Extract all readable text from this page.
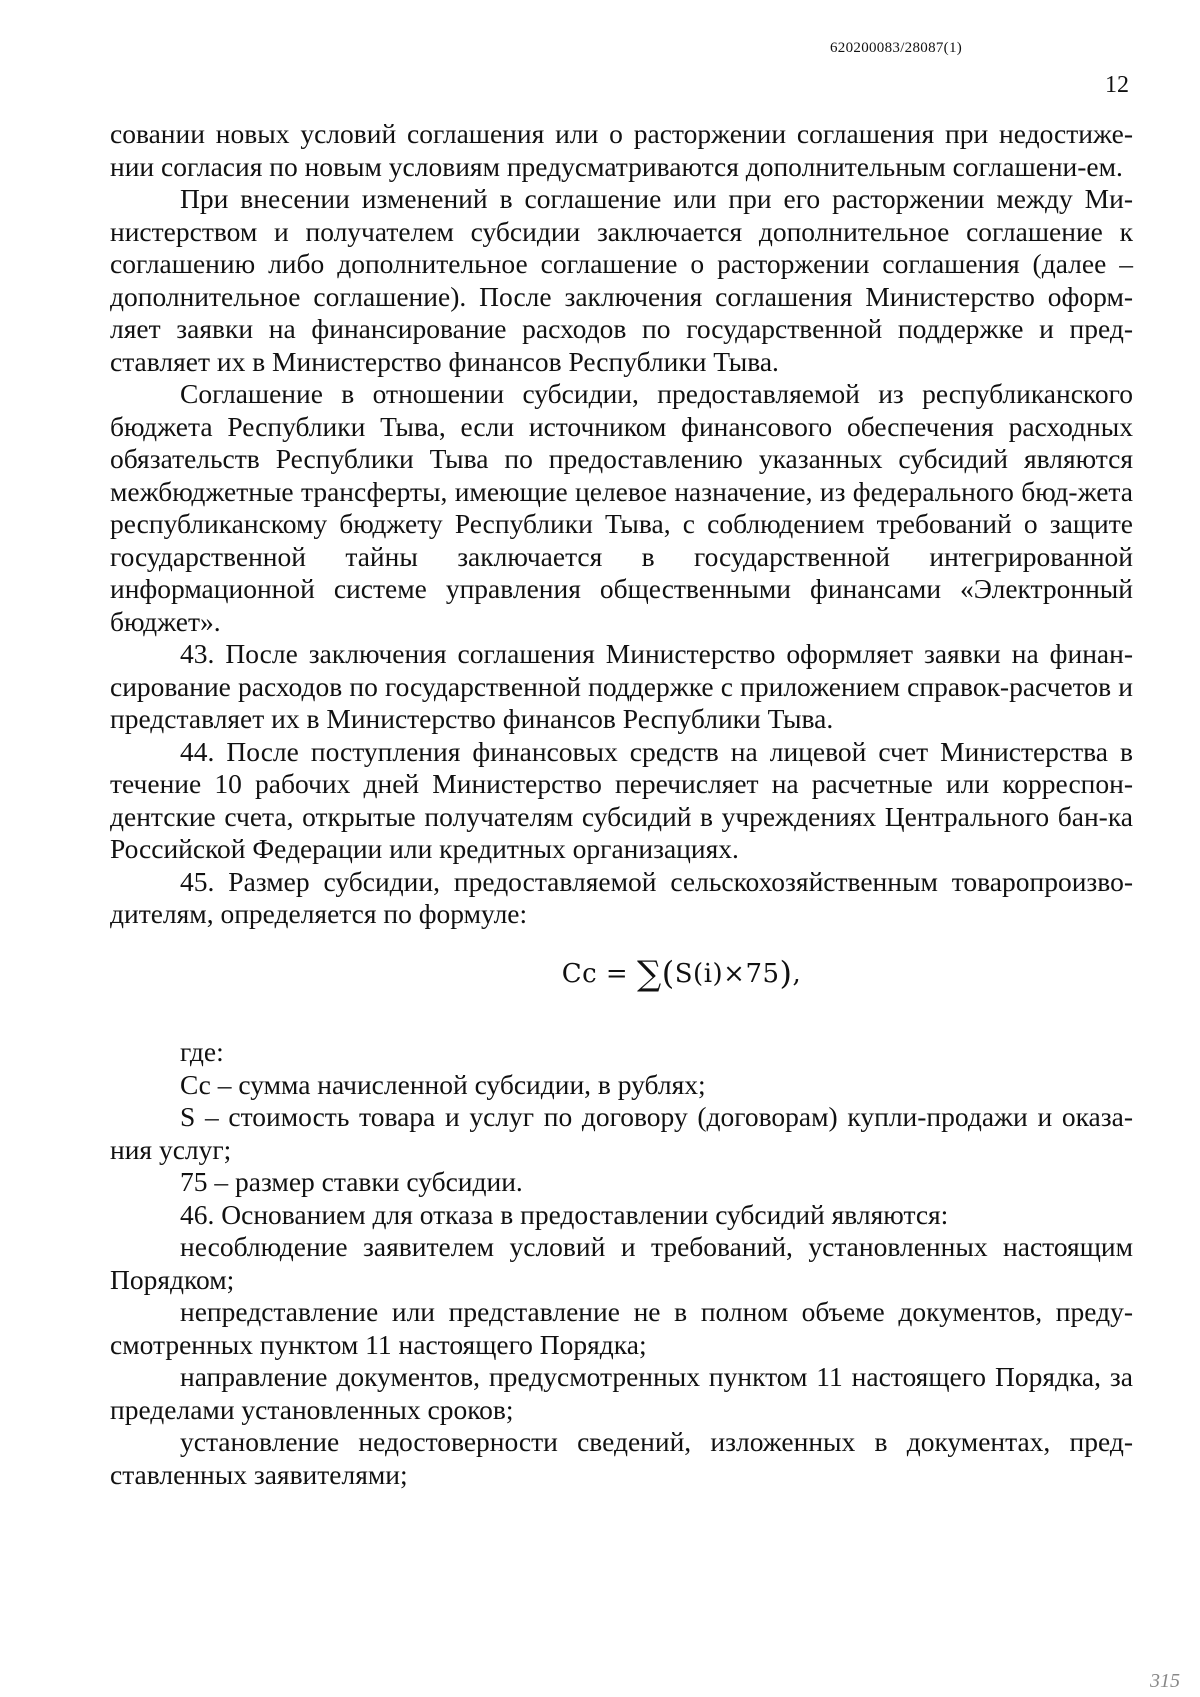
620200083/28087(1)
12

сoвании новых условий соглашения или о расторжении соглашения при недостиже-нии согласия по новым условиям предусматриваются дополнительным соглашени-ем.

При внесении изменений в соглашение или при его расторжении между Ми-нистерством и получателем субсидии заключается дополнительное соглашение к соглашению либо дополнительное соглашение о расторжении соглашения (далее – дополнительное соглашение). После заключения соглашения Министерство оформ-ляет заявки на финансирование расходов по государственной поддержке и пред-ставляет их в Министерство финансов Республики Тыва.

Соглашение в отношении субсидии, предоставляемой из республиканского бюджета Республики Тыва, если источником финансового обеспечения расходных обязательств Республики Тыва по предоставлению указанных субсидий являются межбюджетные трансферты, имеющие целевое назначение, из федерального бюд-жета республиканскому бюджету Республики Тыва, с соблюдением требований о защите государственной тайны заключается в государственной интегрированной информационной системе управления общественными финансами «Электронный бюджет».

43. После заключения соглашения Министерство оформляет заявки на финан-сирование расходов по государственной поддержке с приложением справок-расчетов и представляет их в Министерство финансов Республики Тыва.

44. После поступления финансовых средств на лицевой счет Министерства в течение 10 рабочих дней Министерство перечисляет на расчетные или корреспон-дентские счета, открытые получателям субсидий в учреждениях Центрального бан-ка Российской Федерации или кредитных организациях.

45. Размер субсидии, предоставляемой сельскохозяйственным товаропроизво-дителям, определяется по формуле:

Cc = ∑(S(i)×75),

где:

Сс – сумма начисленной субсидии, в рублях;

S – стоимость товара и услуг по договору (договорам) купли-продажи и оказа-ния услуг;

75 – размер ставки субсидии.

46. Основанием для отказа в предоставлении субсидий являются:

несоблюдение заявителем условий и требований, установленных настоящим Порядком;

непредставление или представление не в полном объеме документов, преду-смотренных пунктом 11 настоящего Порядка;

направление документов, предусмотренных пунктом 11 настоящего Порядка, за пределами установленных сроков;

установление недостоверности сведений, изложенных в документах, пред-ставленных заявителями;

315
